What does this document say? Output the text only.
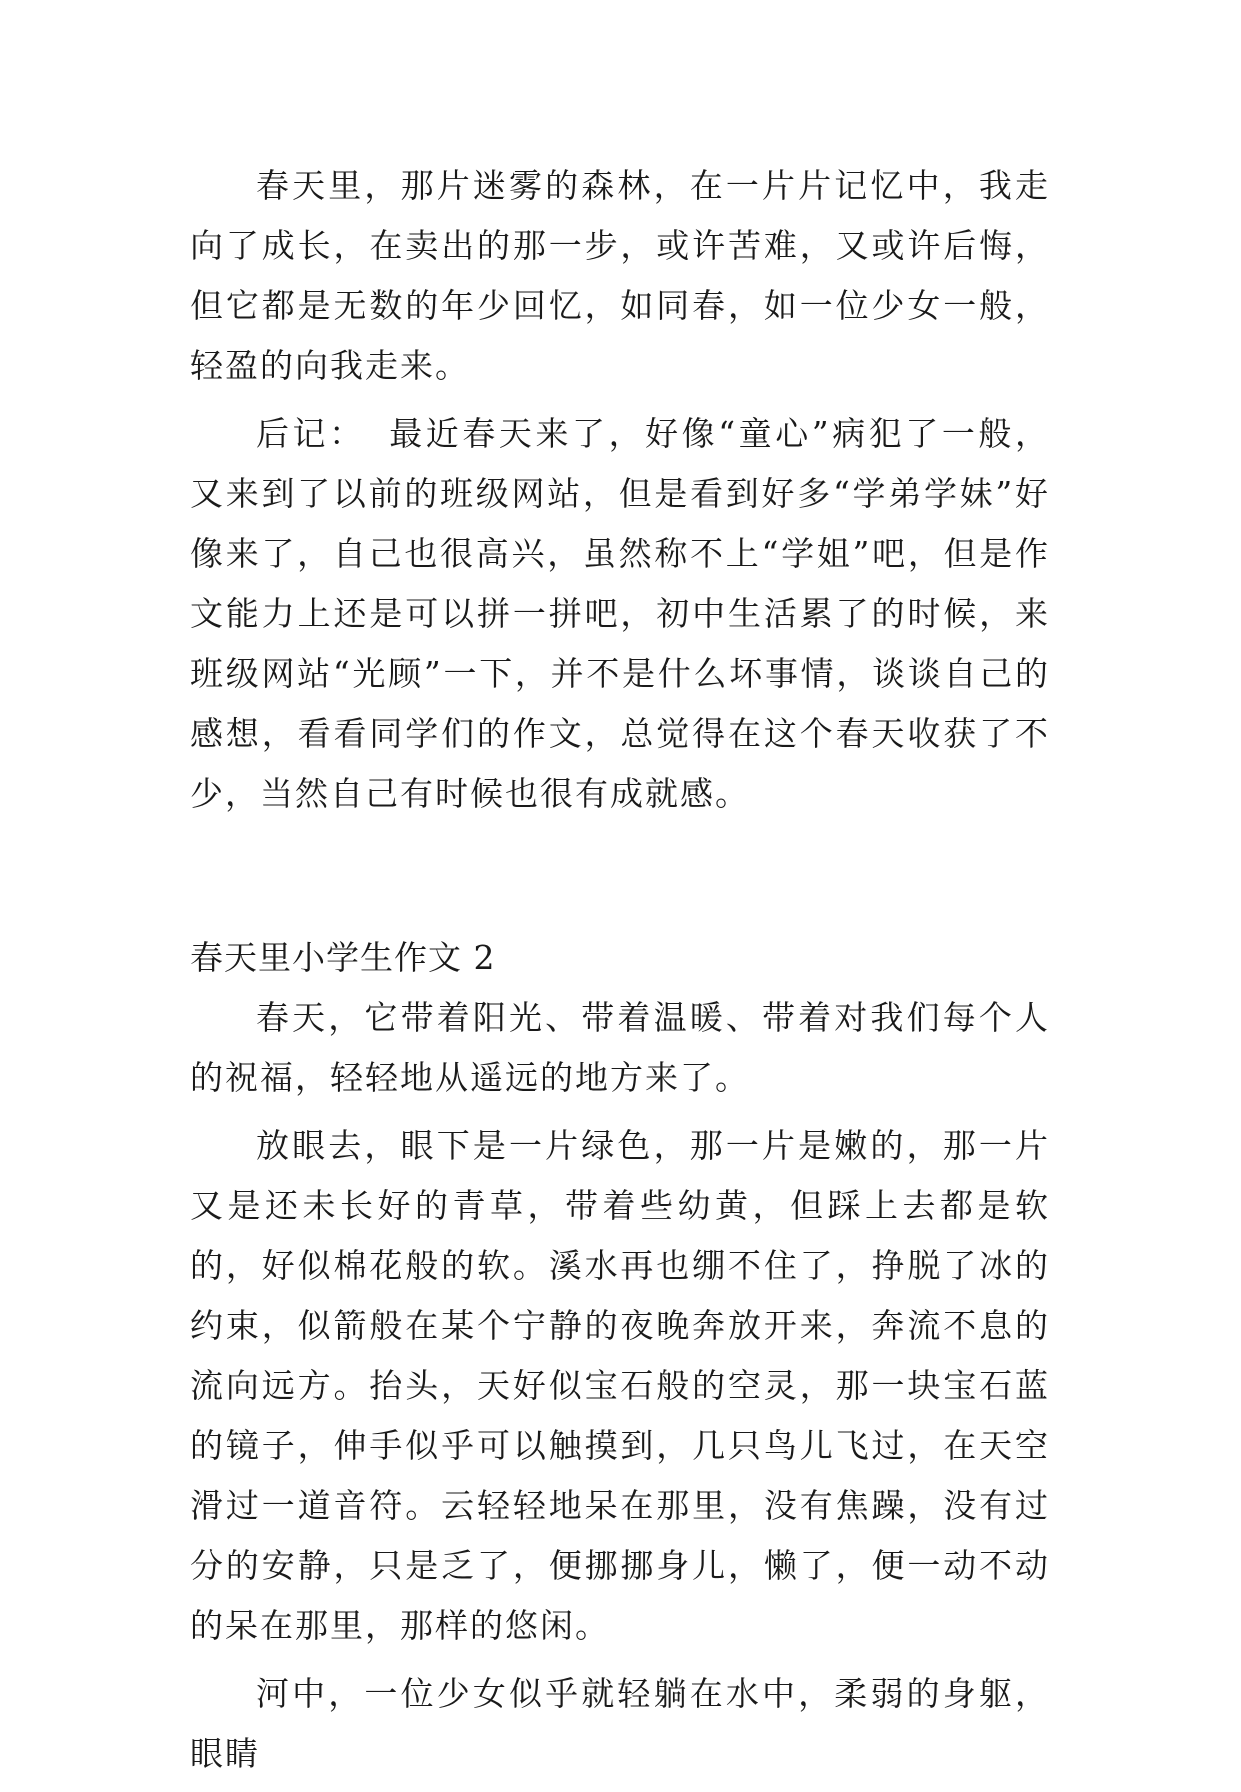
春天里，那片迷雾的森林，在一片片记忆中，我走向了成长，在卖出的那一步，或许苦难，又或许后悔，但它都是无数的年少回忆，如同春，如一位少女一般，轻盈的向我走来。

后记： 最近春天来了，好像“童心”病犯了一般，又来到了以前的班级网站，但是看到好多“学弟学妹”好像来了，自己也很高兴，虽然称不上“学姐”吧，但是作文能力上还是可以拼一拼吧，初中生活累了的时候，来班级网站“光顾”一下，并不是什么坏事情，谈谈自己的感想，看看同学们的作文，总觉得在这个春天收获了不少，当然自己有时候也很有成就感。

春天里小学生作文 2

春天，它带着阳光、带着温暖、带着对我们每个人的祝福，轻轻地从遥远的地方来了。

放眼去，眼下是一片绿色，那一片是嫩的，那一片又是还未长好的青草，带着些幼黄，但踩上去都是软的，好似棉花般的软。溪水再也绷不住了，挣脱了冰的约束，似箭般在某个宁静的夜晚奔放开来，奔流不息的流向远方。抬头，天好似宝石般的空灵，那一块宝石蓝的镜子，伸手似乎可以触摸到，几只鸟儿飞过，在天空滑过一道音符。云轻轻地呆在那里，没有焦躁，没有过分的安静，只是乏了，便挪挪身儿，懒了，便一动不动的呆在那里，那样的悠闲。

河中，一位少女似乎就轻躺在水中，柔弱的身躯，眼睛
